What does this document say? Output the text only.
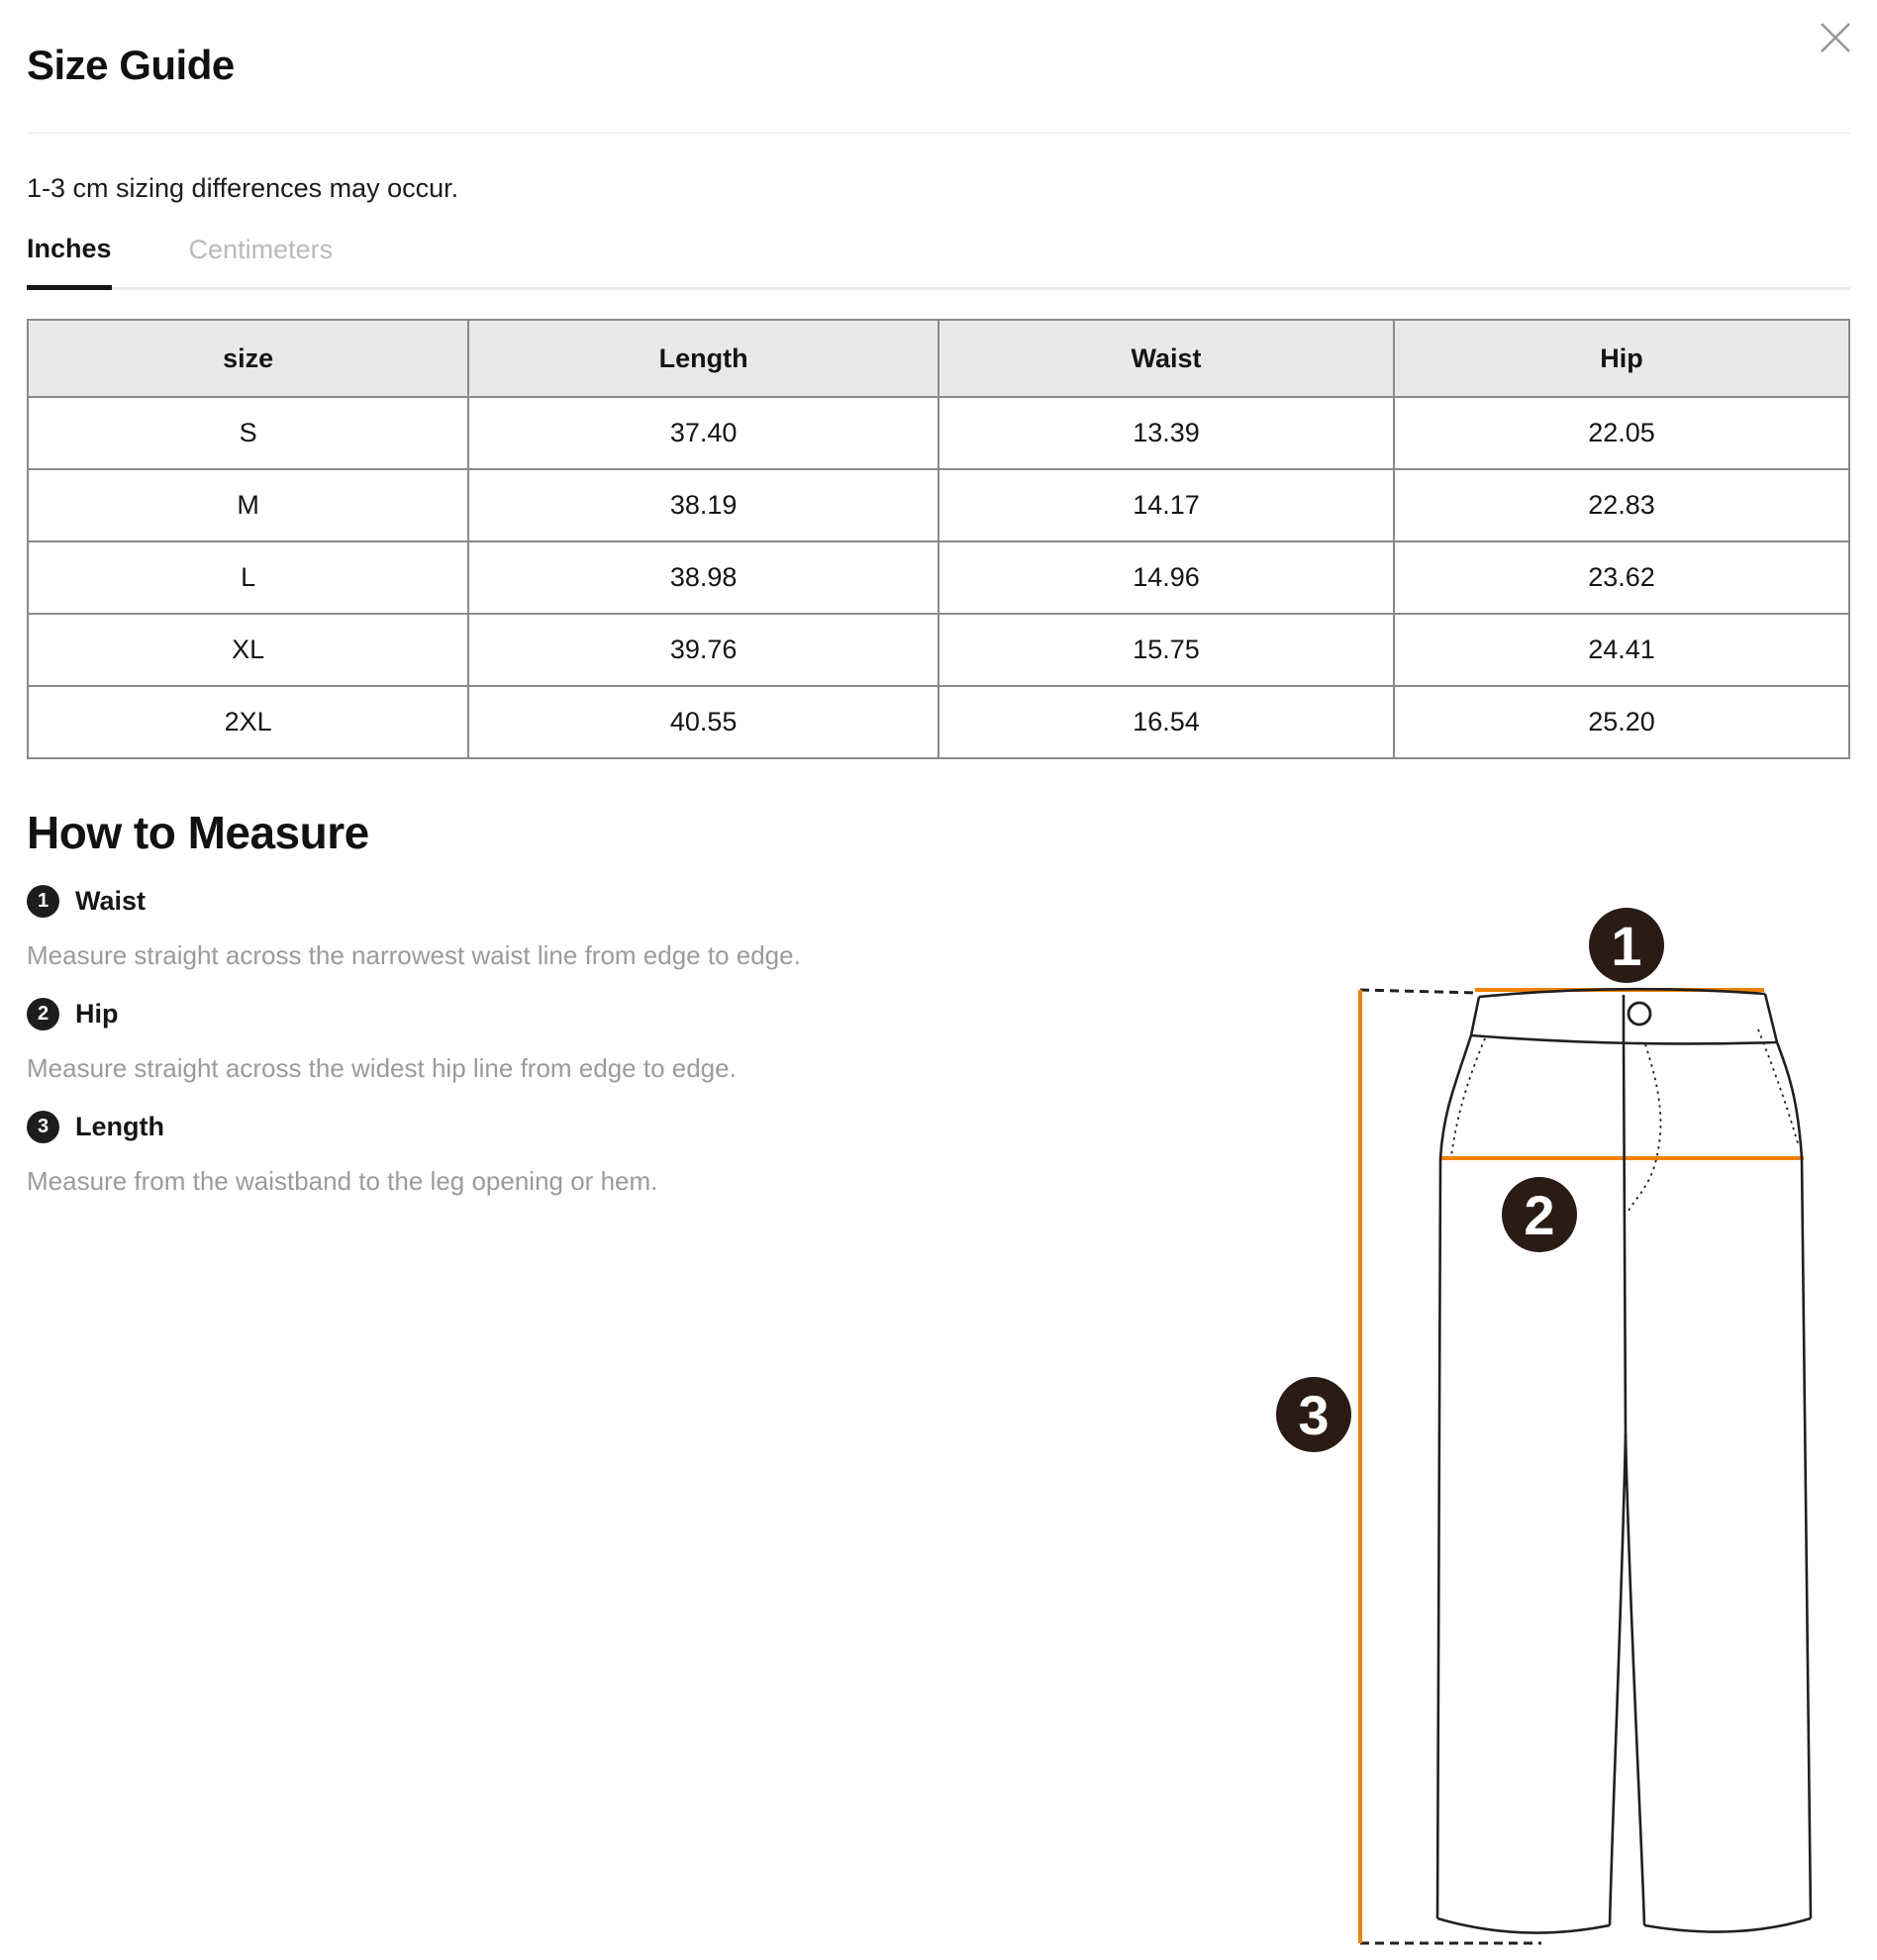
Size Guide

1-3 cm sizing differences may occur.

Inches	Centimeters
size	Length	Waist	Hip
S	37.40	13.39	22.05
M	38.19	14.17	22.83
L	38.98	14.96	23.62
XL	39.76	15.75	24.41
2XL	40.55	16.54	25.20
How to Measure
1 Waist

Measure straight across the narrowest waist line from edge to edge.

2 Hip

Measure straight across the widest hip line from edge to edge.

3 Length

Measure from the waistband to the leg opening or hem.

1
2
3
